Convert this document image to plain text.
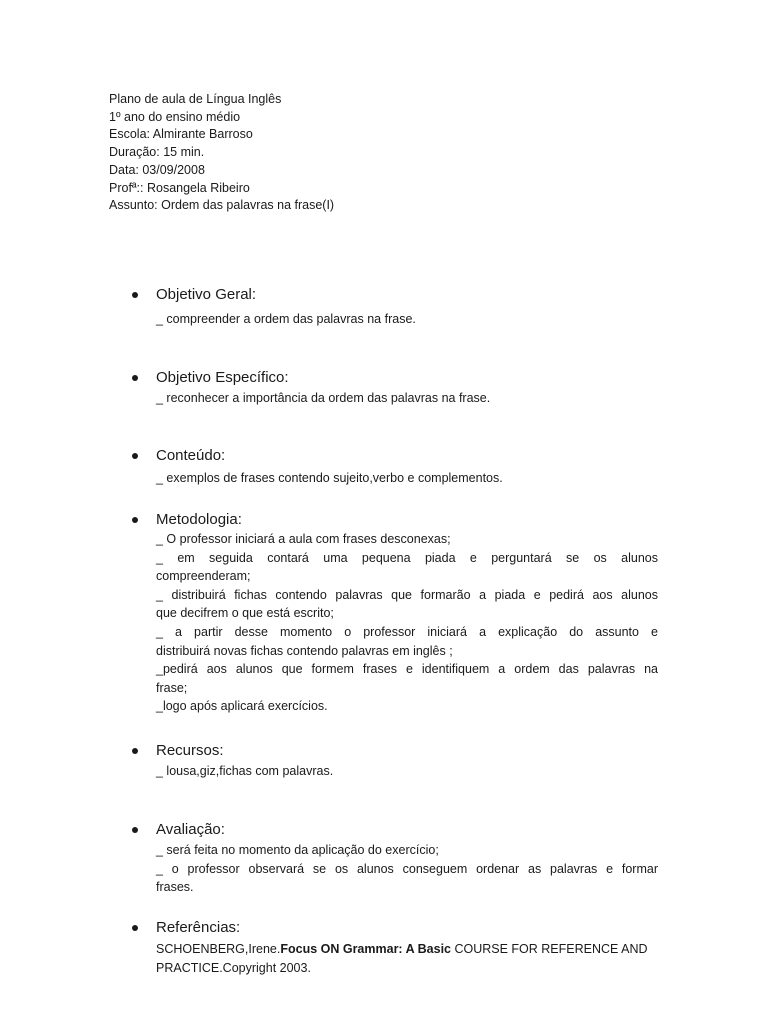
Plano de aula de Língua Inglês
1º ano do ensino médio
Escola: Almirante Barroso
Duração: 15 min.
Data: 03/09/2008
Profª:: Rosangela Ribeiro
Assunto: Ordem das palavras na frase(I)
Objetivo Geral:
_ compreender a ordem das palavras na frase.
Objetivo Específico:
_ reconhecer a importância da ordem das palavras na frase.
Conteúdo:
_ exemplos de frases contendo sujeito,verbo e complementos.
Metodologia:
_ O professor iniciará a aula com frases desconexas;
_ em seguida contará uma pequena piada e perguntará se os alunos
compreenderam;
_ distribuirá fichas contendo palavras que formarão a piada e pedirá aos alunos
que decifrem o que está escrito;
_ a partir desse momento o professor iniciará a explicação do assunto e
distribuirá novas fichas contendo palavras em inglês ;
_pedirá aos alunos que formem frases e identifiquem a ordem das palavras na
frase;
_logo após aplicará exercícios.
Recursos:
_ lousa,giz,fichas com palavras.
Avaliação:
_ será feita no momento da aplicação do exercício;
_ o professor observará se os alunos conseguem ordenar as palavras e formar
frases.
Referências:
SCHOENBERG,Irene.Focus ON Grammar: A Basic COURSE FOR REFERENCE AND
PRACTICE.Copyright 2003.
